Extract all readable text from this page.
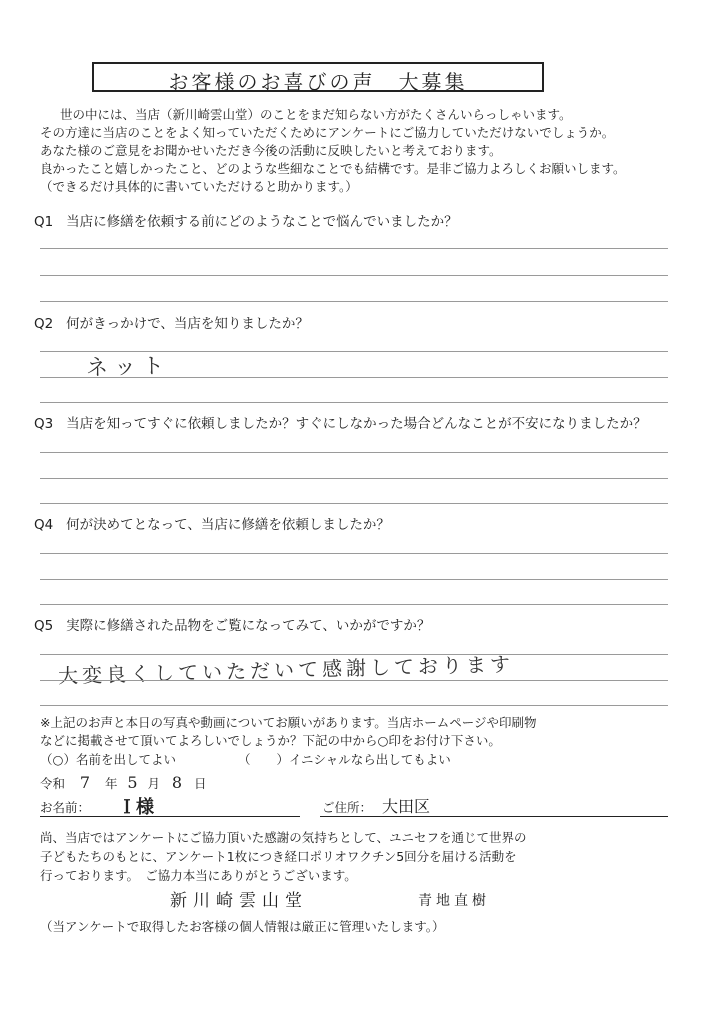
お客様のお喜びの声　大募集
世の中には、当店（新川崎雲山堂）のことをまだ知らない方がたくさんいらっしゃいます。
その方達に当店のことをよく知っていただくためにアンケートにご協力していただけないでしょうか。
あなた様のご意見をお聞かせいただき今後の活動に反映したいと考えております。
良かったこと嬉しかったこと、どのような些細なことでも結構です。是非ご協力よろしくお願いします。
（できるだけ具体的に書いていただけると助かります。）
Q1 当店に修繕を依頼する前にどのようなことで悩んでいましたか？
Q2 何がきっかけで、当店を知りましたか？
ネット
Q3 当店を知ってすぐに依頼しましたか？すぐにしなかった場合どんなことが不安になりましたか？
Q4 何が決めてとなって、当店に修繕を依頼しましたか？
Q5 実際に修繕された品物をご覧になってみて、いかがですか？
大変良くしていただいて感謝しております
※上記のお声と本日の写真や動画についてお願いがあります。当店ホームページや印刷物
などに掲載させて頂いてよろしいでしょうか？下記の中から○印をお付け下さい。
（○）名前を出してよい	（ ）イニシャルなら出してもよい
令和 7 年 5 月 8 日
お名前： Ｉ様	ご住所： 大田区
尚、当店ではアンケートにご協力頂いた感謝の気持ちとして、ユニセフを通じて世界の
子どもたちのもとに、アンケート1枚につき経口ポリオワクチン5回分を届ける活動を
行っております。　ご協力本当にありがとうございます。
新川崎雲山堂	青地直樹
（当アンケートで取得したお客様の個人情報は厳正に管理いたします。）
